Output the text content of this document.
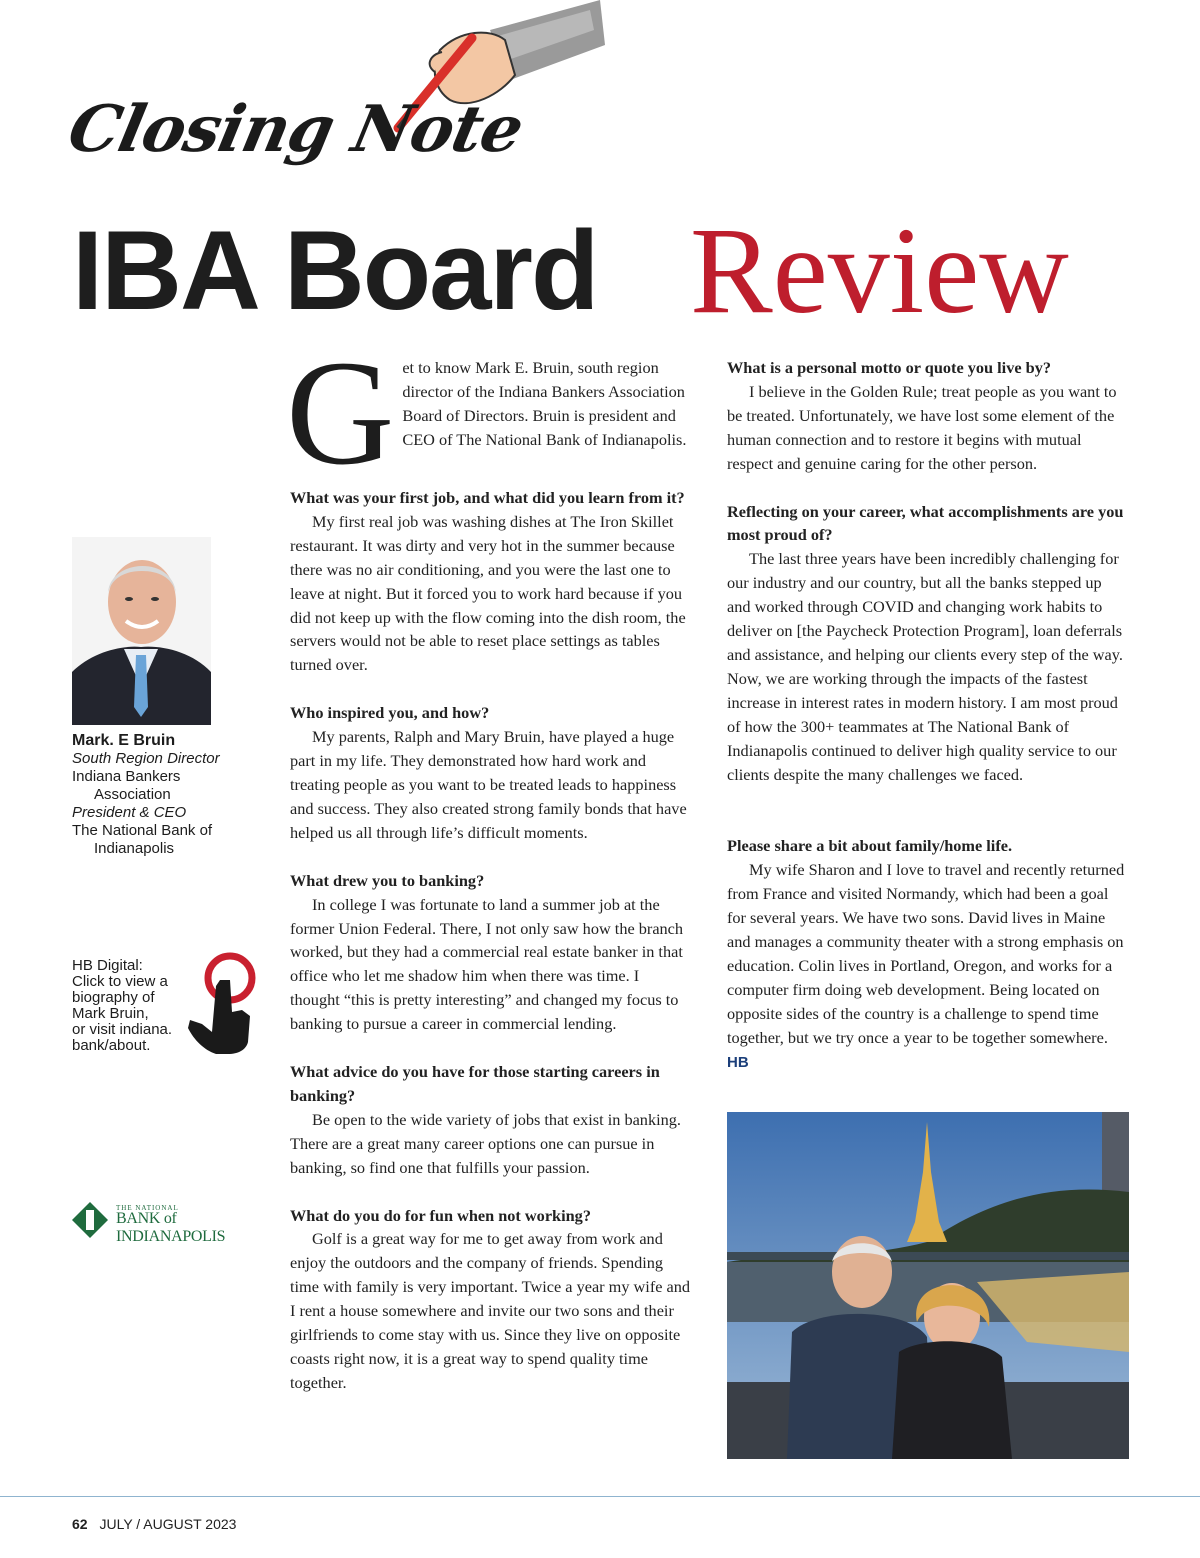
Closing Note
IBA Board Review
Mark. E Bruin
South Region Director
Indiana Bankers
Association
President & CEO
The National Bank of
Indianapolis
HB Digital:
Click to view a
biography of
Mark Bruin,
or visit indiana.
bank/about.
THE NATIONAL
BANK of INDIANAPOLIS
G et to know Mark E. Bruin, south region director of the Indiana Bankers Association Board of Directors. Bruin is president and CEO of The National Bank of Indianapolis.

What was your first job, and what did you learn from it?

My first real job was washing dishes at The Iron Skillet restaurant. It was dirty and very hot in the summer because there was no air conditioning, and you were the last one to leave at night. But it forced you to work hard because if you did not keep up with the flow coming into the dish room, the servers would not be able to reset place settings as tables turned over.

Who inspired you, and how?

My parents, Ralph and Mary Bruin, have played a huge part in my life. They demonstrated how hard work and treating people as you want to be treated leads to happiness and success. They also created strong family bonds that have helped us all through life’s difficult moments.

What drew you to banking?

In college I was fortunate to land a summer job at the former Union Federal. There, I not only saw how the branch worked, but they had a commercial real estate banker in that office who let me shadow him when there was time. I thought “this is pretty interesting” and changed my focus to banking to pursue a career in commercial lending.

What advice do you have for those starting careers in banking?

Be open to the wide variety of jobs that exist in banking. There are a great many career options one can pursue in banking, so find one that fulfills your passion.

What do you do for fun when not working?

Golf is a great way for me to get away from work and enjoy the outdoors and the company of friends. Spending time with family is very important. Twice a year my wife and I rent a house somewhere and invite our two sons and their girlfriends to come stay with us. Since they live on opposite coasts right now, it is a great way to spend quality time together.

What is a personal motto or quote you live by?

I believe in the Golden Rule; treat people as you want to be treated. Unfortunately, we have lost some element of the human connection and to restore it begins with mutual respect and genuine caring for the other person.

Reflecting on your career, what accomplishments are you most proud of?

The last three years have been incredibly challenging for our industry and our country, but all the banks stepped up and worked through COVID and changing work habits to deliver on [the Paycheck Protection Program], loan deferrals and assistance, and helping our clients every step of the way. Now, we are working through the impacts of the fastest increase in interest rates in modern history. I am most proud of how the 300+ teammates at The National Bank of Indianapolis continued to deliver high quality service to our clients despite the many challenges we faced.

Please share a bit about family/home life.

My wife Sharon and I love to travel and recently returned from France and visited Normandy, which had been a goal for several years. We have two sons. David lives in Maine and manages a community theater with a strong emphasis on education. Colin lives in Portland, Oregon, and works for a computer firm doing web development. Being located on opposite sides of the country is a challenge to spend time together, but we try once a year to be together somewhere. HB

62 JULY / AUGUST 2023
